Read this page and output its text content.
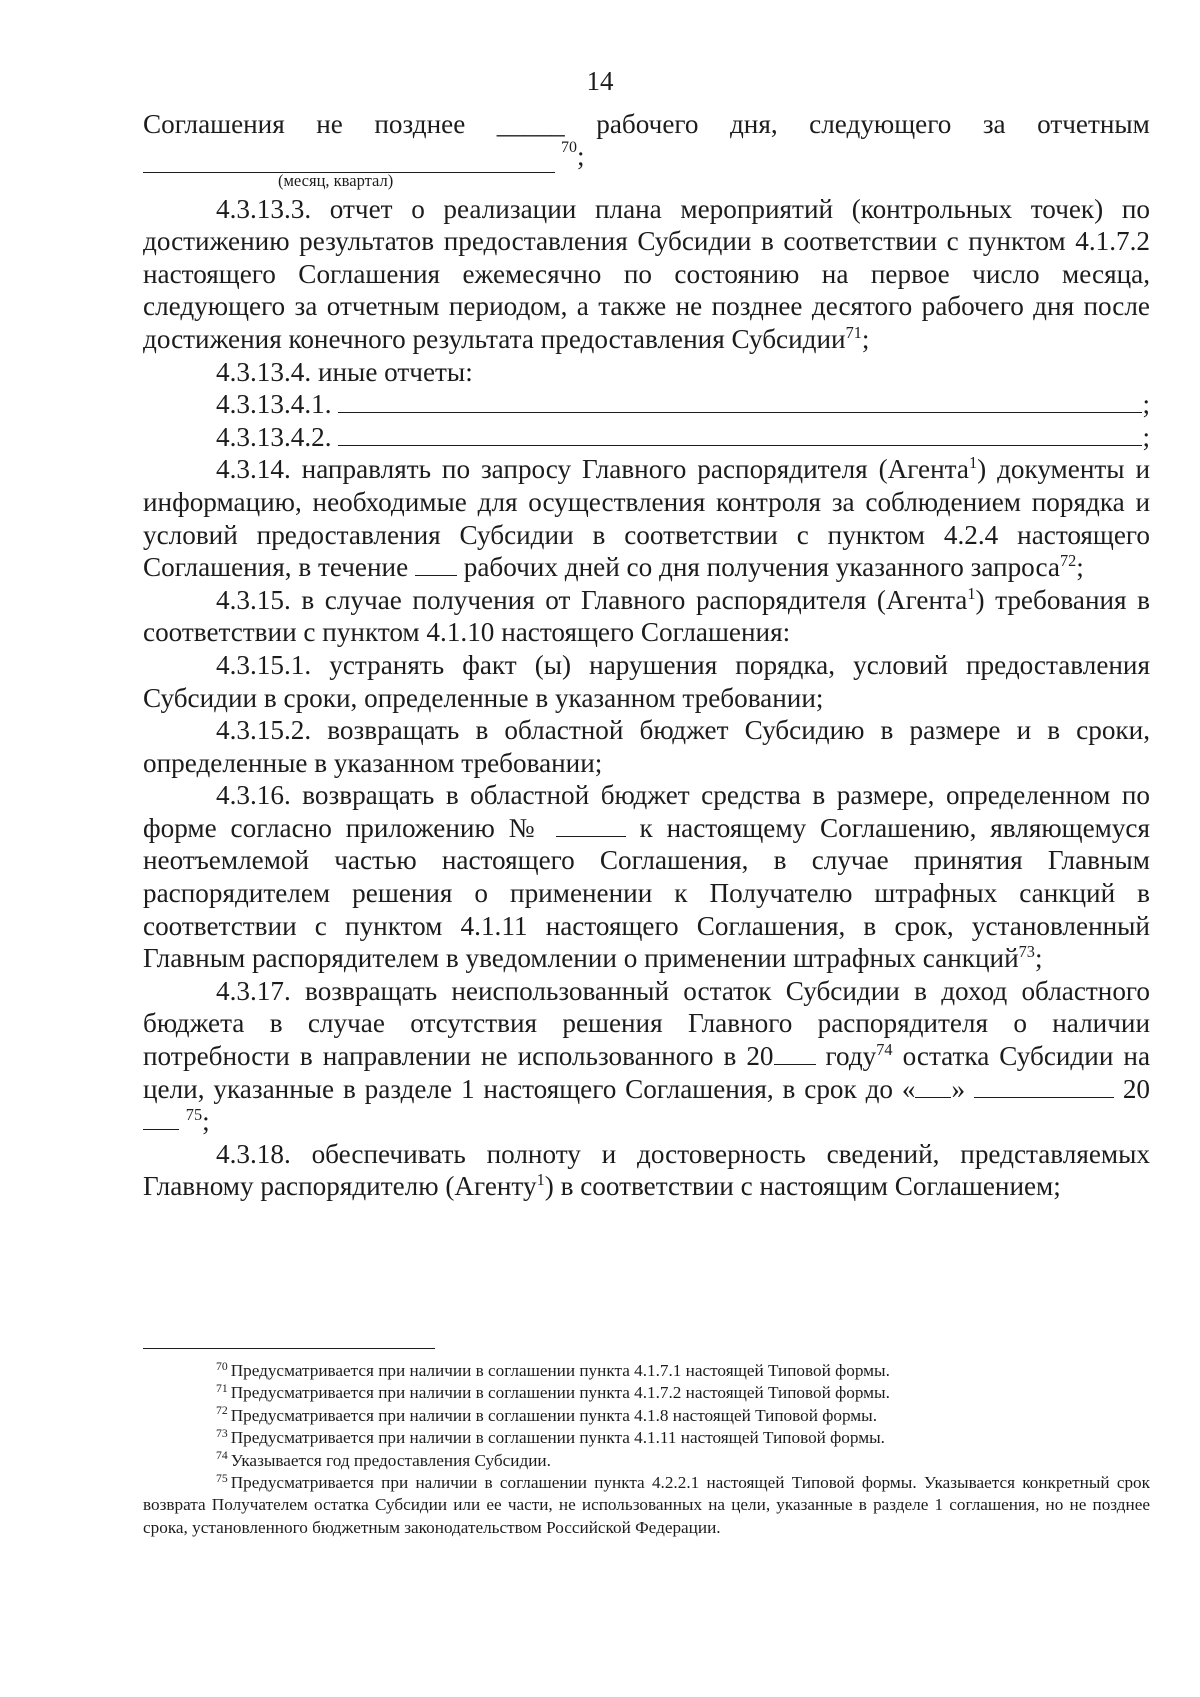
14
Соглашения не позднее _____ рабочего дня, следующего за отчетным
70 ;
(месяц, квартал)

4.3.13.3. отчет о реализации плана мероприятий (контрольных точек) по достижению результатов предоставления Субсидии в соответствии с пунктом 4.1.7.2 настоящего Соглашения ежемесячно по состоянию на первое число месяца, следующего за отчетным периодом, а также не позднее десятого рабочего дня после достижения конечного результата предоставления Субсидии$^{71}$;

4.3.13.4. иные отчеты:

4.3.13.4.1.	;
4.3.13.4.2.	;

4.3.14. направлять по запросу Главного распорядителя (Агента$^1$) документы и информацию, необходимые для осуществления контроля за соблюдением порядка и условий предоставления Субсидии в соответствии с пунктом 4.2.4 настоящего Соглашения, в течение рабочих дней со дня получения указанного запроса$^{72}$;

4.3.15. в случае получения от Главного распорядителя (Агента$^1$) требования в соответствии с пунктом 4.1.10 настоящего Соглашения:

4.3.15.1. устранять факт (ы) нарушения порядка, условий предоставления Субсидии в сроки, определенные в указанном требовании;

4.3.15.2. возвращать в областной бюджет Субсидию в размере и в сроки, определенные в указанном требовании;

4.3.16. возвращать в областной бюджет средства в размере, определенном по форме согласно приложению №	к настоящему Соглашению, являющемуся неотъемлемой частью настоящего Соглашения, в случае принятия Главным распорядителем решения о применении к Получателю штрафных санкций в соответствии с пунктом 4.1.11 настоящего Соглашения, в срок, установленный Главным распорядителем в уведомлении о применении штрафных санкций$^{73}$;

4.3.17. возвращать неиспользованный остаток Субсидии в доход областного бюджета в случае отсутствия решения Главного распорядителя о наличии потребности в направлении не использованного в 20 году$^{74}$ остатка Субсидии на цели, указанные в разделе 1 настоящего Соглашения, в срок до « »	20 $^{75}$;

4.3.18. обеспечивать полноту и достоверность сведений, представляемых Главному распорядителю (Агенту$^1$) в соответствии с настоящим Соглашением;

$^{70}$ Предусматривается при наличии в соглашении пункта 4.1.7.1 настоящей Типовой формы.

$^{71}$ Предусматривается при наличии в соглашении пункта 4.1.7.2 настоящей Типовой формы.

$^{72}$ Предусматривается при наличии в соглашении пункта 4.1.8 настоящей Типовой формы.

$^{73}$ Предусматривается при наличии в соглашении пункта 4.1.11 настоящей Типовой формы.

$^{74}$ Указывается год предоставления Субсидии.

$^{75}$ Предусматривается при наличии в соглашении пункта 4.2.2.1 настоящей Типовой формы. Указывается конкретный срок возврата Получателем остатка Субсидии или ее части, не использованных на цели, указанные в разделе 1 соглашения, но не позднее срока, установленного бюджетным законодательством Российской Федерации.
